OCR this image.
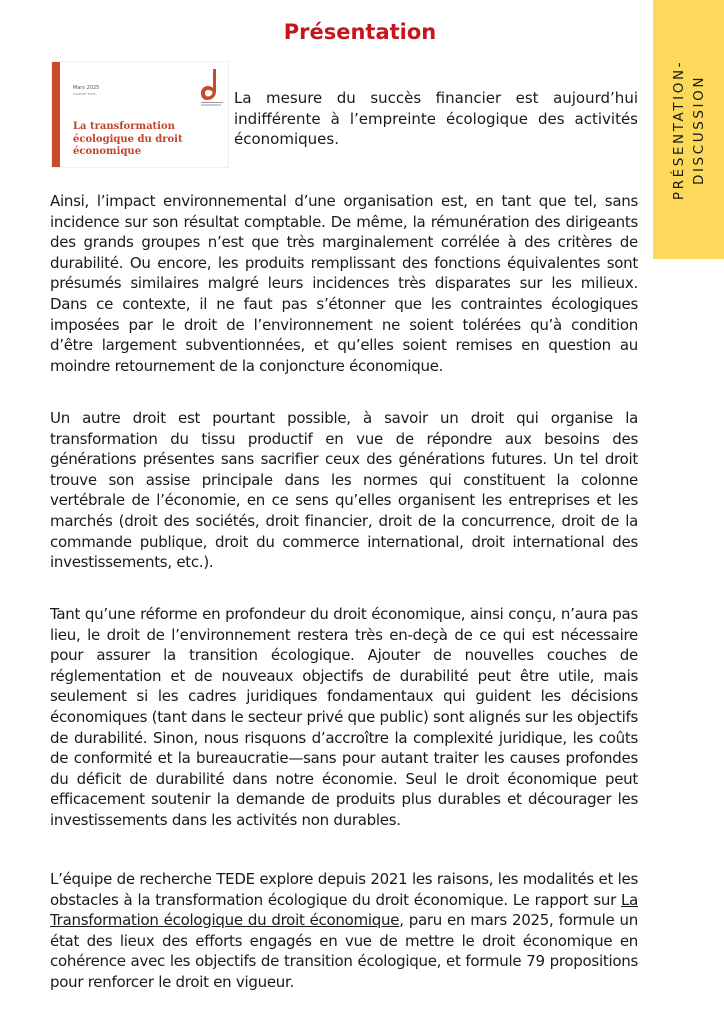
Présentation
PRÉSENTATION-
DISCUSSION
Mars 2025
RAPPORT FINAL
La transformation écologique du droit économique

La mesure du succès financier est aujourd’hui indifférente à l’empreinte écologique des activités économiques.

Ainsi, l’impact environnemental d’une organisation est, en tant que tel, sans incidence sur son résultat comptable. De même, la rémunération des dirigeants des grands groupes n’est que très marginalement corrélée à des critères de durabilité. Ou encore, les produits remplissant des fonctions équivalentes sont présumés similaires malgré leurs incidences très disparates sur les milieux. Dans ce contexte, il ne faut pas s’étonner que les contraintes écologiques imposées par le droit de l’environnement ne soient tolérées qu’à condition d’être largement subventionnées, et qu’elles soient remises en question au moindre retournement de la conjoncture économique.

Un autre droit est pourtant possible, à savoir un droit qui organise la transformation du tissu productif en vue de répondre aux besoins des générations présentes sans sacrifier ceux des générations futures. Un tel droit trouve son assise principale dans les normes qui constituent la colonne vertébrale de l’économie, en ce sens qu’elles organisent les entreprises et les marchés (droit des sociétés, droit financier, droit de la concurrence, droit de la commande publique, droit du commerce international, droit international des investissements, etc.).

Tant qu’une réforme en profondeur du droit économique, ainsi conçu, n’aura pas lieu, le droit de l’environnement restera très en-deçà de ce qui est nécessaire pour assurer la transition écologique. Ajouter de nouvelles couches de réglementation et de nouveaux objectifs de durabilité peut être utile, mais seulement si les cadres juridiques fondamentaux qui guident les décisions économiques (tant dans le secteur privé que public) sont alignés sur les objectifs de durabilité. Sinon, nous risquons d’accroître la complexité juridique, les coûts de conformité et la bureaucratie—sans pour autant traiter les causes profondes du déficit de durabilité dans notre économie. Seul le droit économique peut efficacement soutenir la demande de produits plus durables et décourager les investissements dans les activités non durables.

L’équipe de recherche TEDE explore depuis 2021 les raisons, les modalités et les obstacles à la transformation écologique du droit économique. Le rapport sur La Transformation écologique du droit économique, paru en mars 2025, formule un état des lieux des efforts engagés en vue de mettre le droit économique en cohérence avec les objectifs de transition écologique, et formule 79 propositions pour renforcer le droit en vigueur.
